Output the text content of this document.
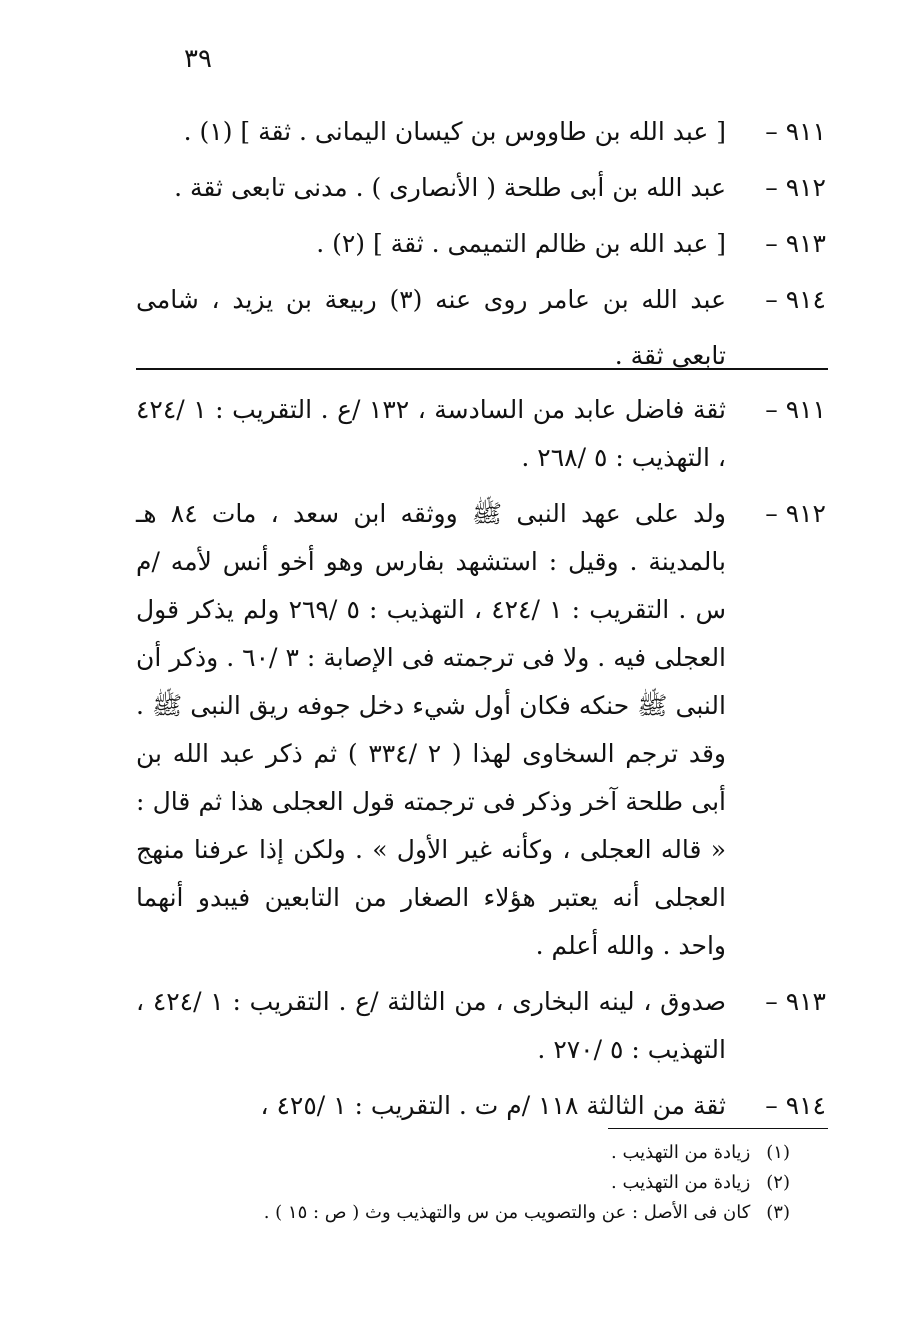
٣٩
٩١١ –
[ عبد الله بن طاووس بن كيسان اليمانى . ثقة ] (١) .
٩١٢ –
عبد الله بن أبى طلحة ( الأنصارى ) . مدنى تابعى ثقة .
٩١٣ –
[ عبد الله بن ظالم التميمى . ثقة ] (٢) .
٩١٤ –
عبد الله بن عامر روى عنه (٣) ربيعة بن يزيد ، شامى تابعى ثقة .
٩١١ –
ثقة فاضل عابد من السادسة ، ١٣٢ /ع . التقريب : ١ /٤٢٤ ، التهذيب : ٥ /٢٦٨ .
٩١٢ –
ولد على عهد النبى ﷺ ووثقه ابن سعد ، مات ٨٤ هـ بالمدينة . وقيل : استشهد بفارس وهو أخو أنس لأمه /م س . التقريب : ١ /٤٢٤ ، التهذيب : ٥ /٢٦٩ ولم يذكر قول العجلى فيه . ولا فى ترجمته فى الإصابة : ٣ /٦٠ . وذكر أن النبى ﷺ حنكه فكان أول شيء دخل جوفه ريق النبى ﷺ . وقد ترجم السخاوى لهذا ( ٢ /٣٣٤ ) ثم ذكر عبد الله بن أبى طلحة آخر وذكر فى ترجمته قول العجلى هذا ثم قال : « قاله العجلى ، وكأنه غير الأول » . ولكن إذا عرفنا منهج العجلى أنه يعتبر هؤلاء الصغار من التابعين فيبدو أنهما واحد . والله أعلم .
٩١٣ –
صدوق ، لينه البخارى ، من الثالثة /ع . التقريب : ١ /٤٢٤ ، التهذيب : ٥ /٢٧٠ .
٩١٤ –
ثقة من الثالثة ١١٨ /م ت . التقريب : ١ /٤٢٥ ،
(١) زيادة من التهذيب .
(٢) زيادة من التهذيب .
(٣) كان فى الأصل : عن والتصويب من س والتهذيب وث ( ص : ١٥ ) .
